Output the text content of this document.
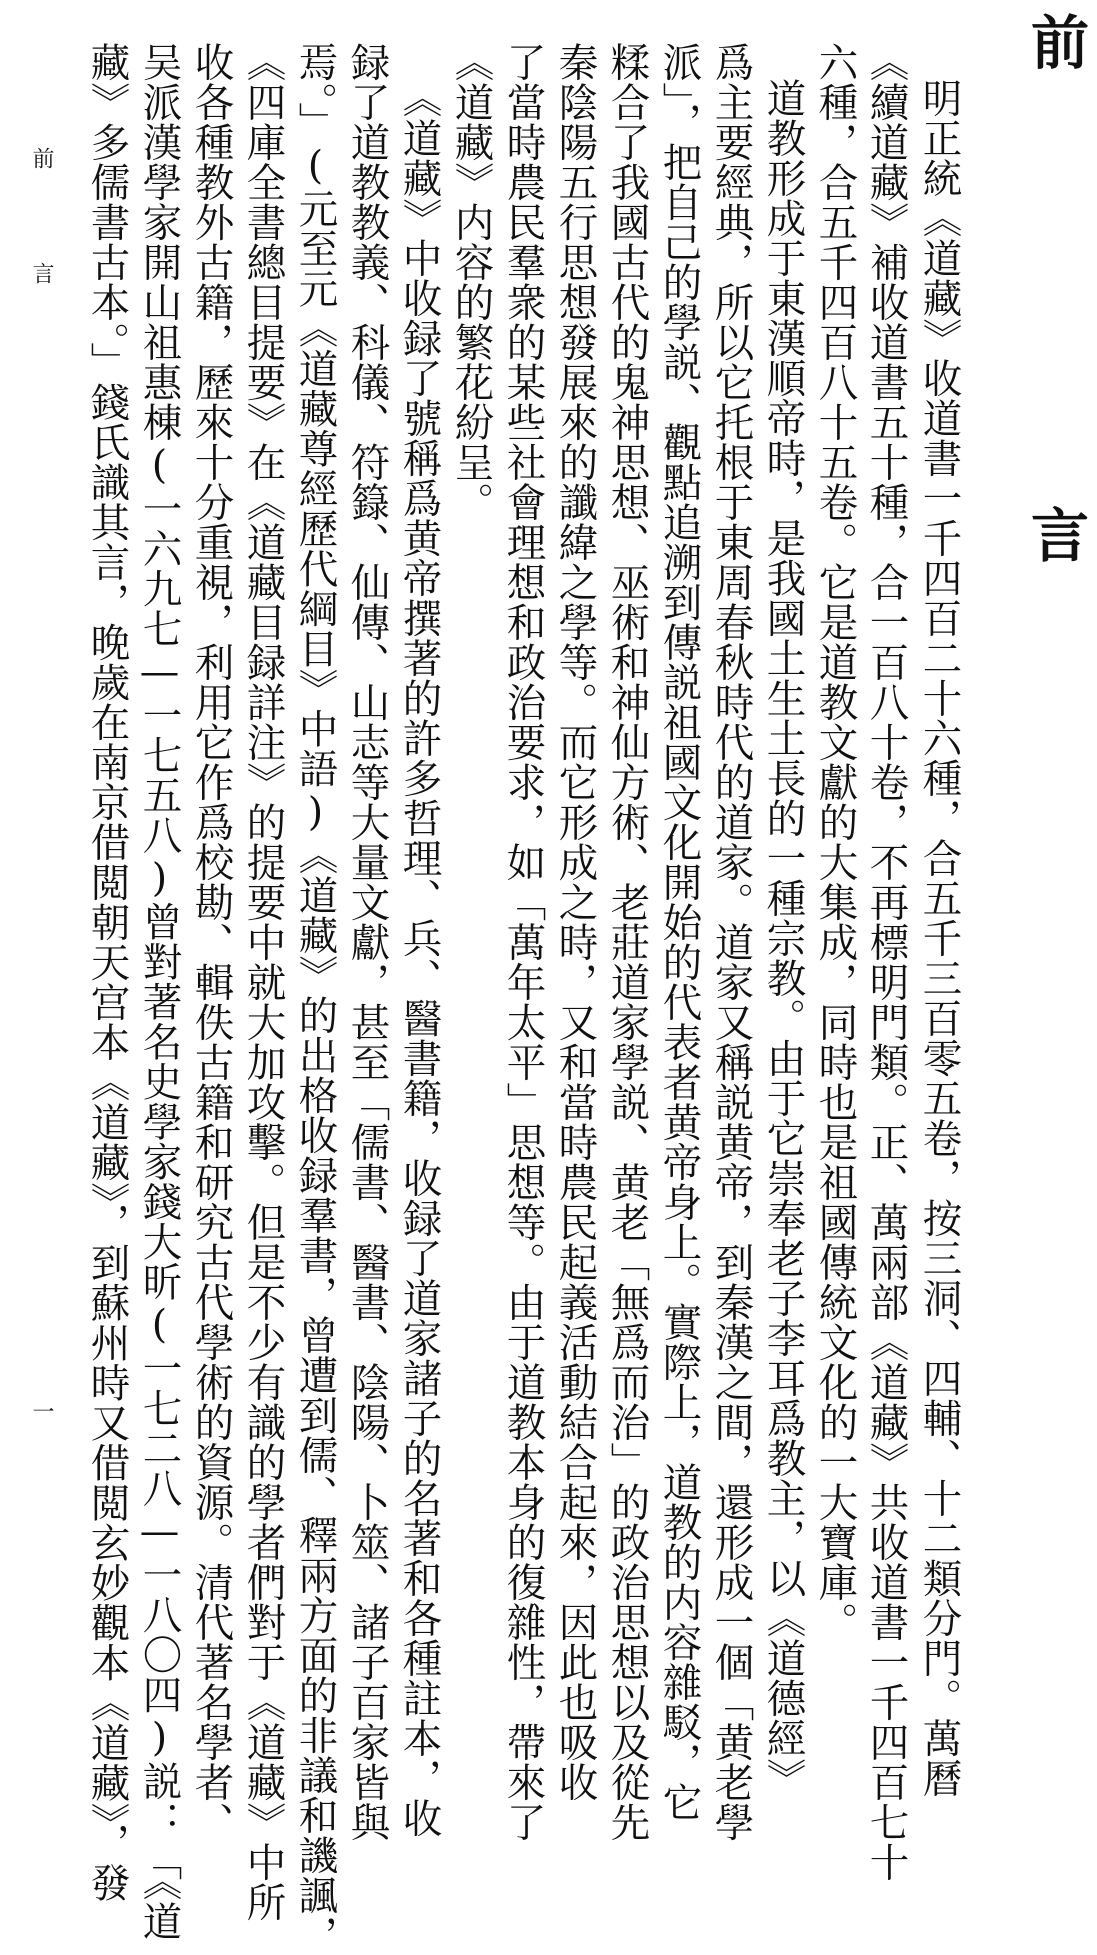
前
言
明正統《道藏》收道書一千四百二十六種，合五千三百零五卷，按三洞、四輔、十二類分門。萬曆
《續道藏》補收道書五十種，合一百八十卷，不再標明門類。正、萬兩部《道藏》共收道書一千四百七十
六種，合五千四百八十五卷。它是道教文獻的大集成，同時也是祖國傳統文化的一大寶庫。
道教形成于東漢順帝時，是我國土生土長的一種宗教。由于它崇奉老子李耳爲教主，以《道德經》
爲主要經典，所以它托根于東周春秋時代的道家。道家又稱説黄帝，到秦漢之間，還形成一個「黄老學
派」，把自己的學説、觀點追溯到傳説祖國文化開始的代表者黄帝身上。實際上，道教的内容雜駁，它
糅合了我國古代的鬼神思想、巫術和神仙方術、老莊道家學説、黄老「無爲而治」的政治思想以及從先
秦陰陽五行思想發展來的讖緯之學等。而它形成之時，又和當時農民起義活動結合起來，因此也吸收
了當時農民羣衆的某些社會理想和政治要求，如「萬年太平」思想等。由于道教本身的復雜性，帶來了
《道藏》内容的繁花紛呈。
《道藏》中收録了號稱爲黄帝撰著的許多哲理、兵、醫書籍，收録了道家諸子的名著和各種註本，收
録了道教教義、科儀、符籙、仙傳、山志等大量文獻，甚至「儒書、醫書、陰陽、卜筮、諸子百家皆與
焉。」(元至元《道藏尊經歷代綱目》中語)《道藏》的出格收録羣書，曾遭到儒、釋兩方面的非議和譏諷，
《四庫全書總目提要》在《道藏目録詳注》的提要中就大加攻擊。但是不少有識的學者們對于《道藏》中所
收各種教外古籍，歷來十分重視，利用它作爲校勘、輯佚古籍和研究古代學術的資源。清代著名學者、
吴派漢學家開山祖惠棟(一六九七—一七五八)曾對著名史學家錢大昕(一七二八—一八〇四)説：「《道
藏》多儒書古本。」錢氏識其言，晚歲在南京借閲朝天宫本《道藏》，到蘇州時又借閲玄妙觀本《道藏》，發
前
言
一
